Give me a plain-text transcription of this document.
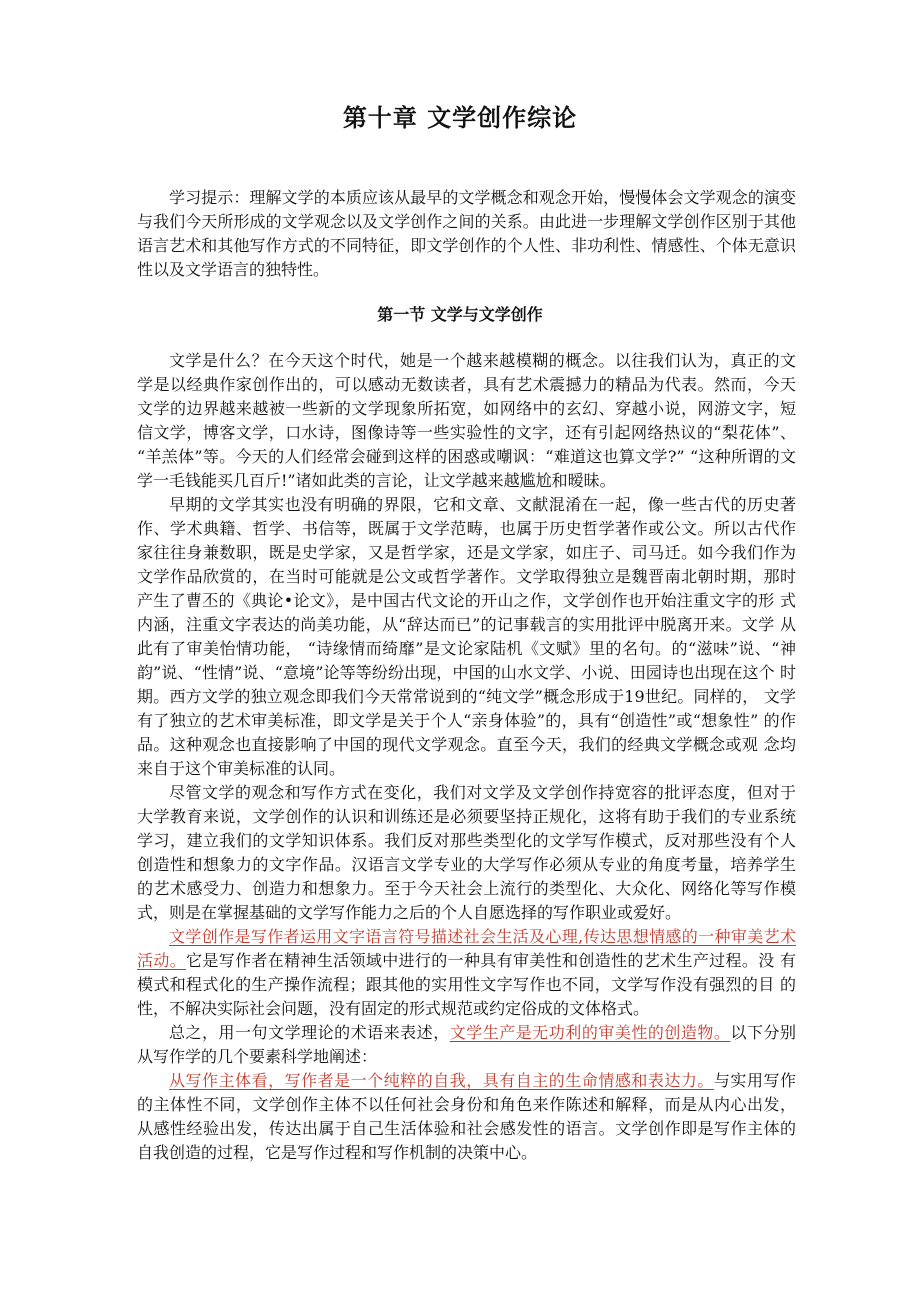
第十章 文学创作综论

学习提示：理解文学的本质应该从最早的文学概念和观念开始，慢慢体会文学观念的演变与我们今天所形成的文学观念以及文学创作之间的关系。由此进一步理解文学创作区别于其他语言艺术和其他写作方式的不同特征，即文学创作的个人性、非功利性、情感性、个体无意识性以及文学语言的独特性。

第一节 文学与文学创作

文学是什么？在今天这个时代，她是一个越来越模糊的概念。以往我们认为，真正的文 学是以经典作家创作出的，可以感动无数读者，具有艺术震撼力的精品为代表。然而，今天 文学的边界越来越被一些新的文学现象所拓宽，如网络中的玄幻、穿越小说，网游文字，短 信文学，博客文学，口水诗，图像诗等一些实验性的文字，还有引起网络热议的“梨花体”、 “羊羔体”等。今天的人们经常会碰到这样的困惑或嘲讽：“难道这也算文学?” “这种所谓的文 学一毛钱能买几百斤!”诸如此类的言论，让文学越来越尴尬和暧昧。

早期的文学其实也没有明确的界限，它和文章、文献混淆在一起，像一些古代的历史著 作、学术典籍、哲学、书信等，既属于文学范畴，也属于历史哲学著作或公文。所以古代作 家往往身兼数职，既是史学家，又是哲学家，还是文学家，如庄子、司马迁。如今我们作为 文学作品欣赏的，在当时可能就是公文或哲学著作。文学取得独立是魏晋南北朝时期，那时 产生了曹丕的《典论•论文》，是中国古代文论的开山之作，文学创作也开始注重文字的形 式内涵，注重文字表达的尚美功能，从“辞达而已”的记事载言的实用批评中脱离开来。文学 从此有了审美怡情功能， “诗缘情而绮靡”是文论家陆机《文赋》里的名句。的“滋味”说、“神 韵”说、“性情”说、“意境”论等等纷纷出现，中国的山水文学、小说、田园诗也出现在这个 时期。西方文学的独立观念即我们今天常常说到的“纯文学”概念形成于19世纪。同样的， 文学有了独立的艺术审美标准，即文学是关于个人“亲身体验”的，具有“创造性”或“想象性” 的作品。这种观念也直接影响了中国的现代文学观念。直至今天，我们的经典文学概念或观 念均来自于这个审美标准的认同。

尽管文学的观念和写作方式在变化，我们对文学及文学创作持宽容的批评态度，但对于 大学教育来说，文学创作的认识和训练还是必须要坚持正规化，这将有助于我们的专业系统 学习，建立我们的文学知识体系。我们反对那些类型化的文学写作模式，反对那些没有个人 创造性和想象力的文字作品。汉语言文学专业的大学写作必须从专业的角度考量，培养学生 的艺术感受力、创造力和想象力。至于今天社会上流行的类型化、大众化、网络化等写作模 式，则是在掌握基础的文学写作能力之后的个人自愿选择的写作职业或爱好。

文学创作是写作者运用文字语言符号描述社会生活及心理,传达思想情感的一种审美艺术活动。它是写作者在精神生活领域中进行的一种具有审美性和创造性的艺术生产过程。没 有模式和程式化的生产操作流程；跟其他的实用性文字写作也不同，文学写作没有强烈的目 的性，不解决实际社会问题，没有固定的形式规范或约定俗成的文体格式。

总之，用一句文学理论的术语来表述，文学生产是无功利的审美性的创造物。以下分别 从写作学的几个要素科学地阐述：

从写作主体看，写作者是一个纯粹的自我，具有自主的生命情感和表达力。与实用写作 的主体性不同，文学创作主体不以任何社会身份和角色来作陈述和解释，而是从内心出发， 从感性经验出发，传达出属于自己生活体验和社会感发性的语言。文学创作即是写作主体的 自我创造的过程，它是写作过程和写作机制的决策中心。
